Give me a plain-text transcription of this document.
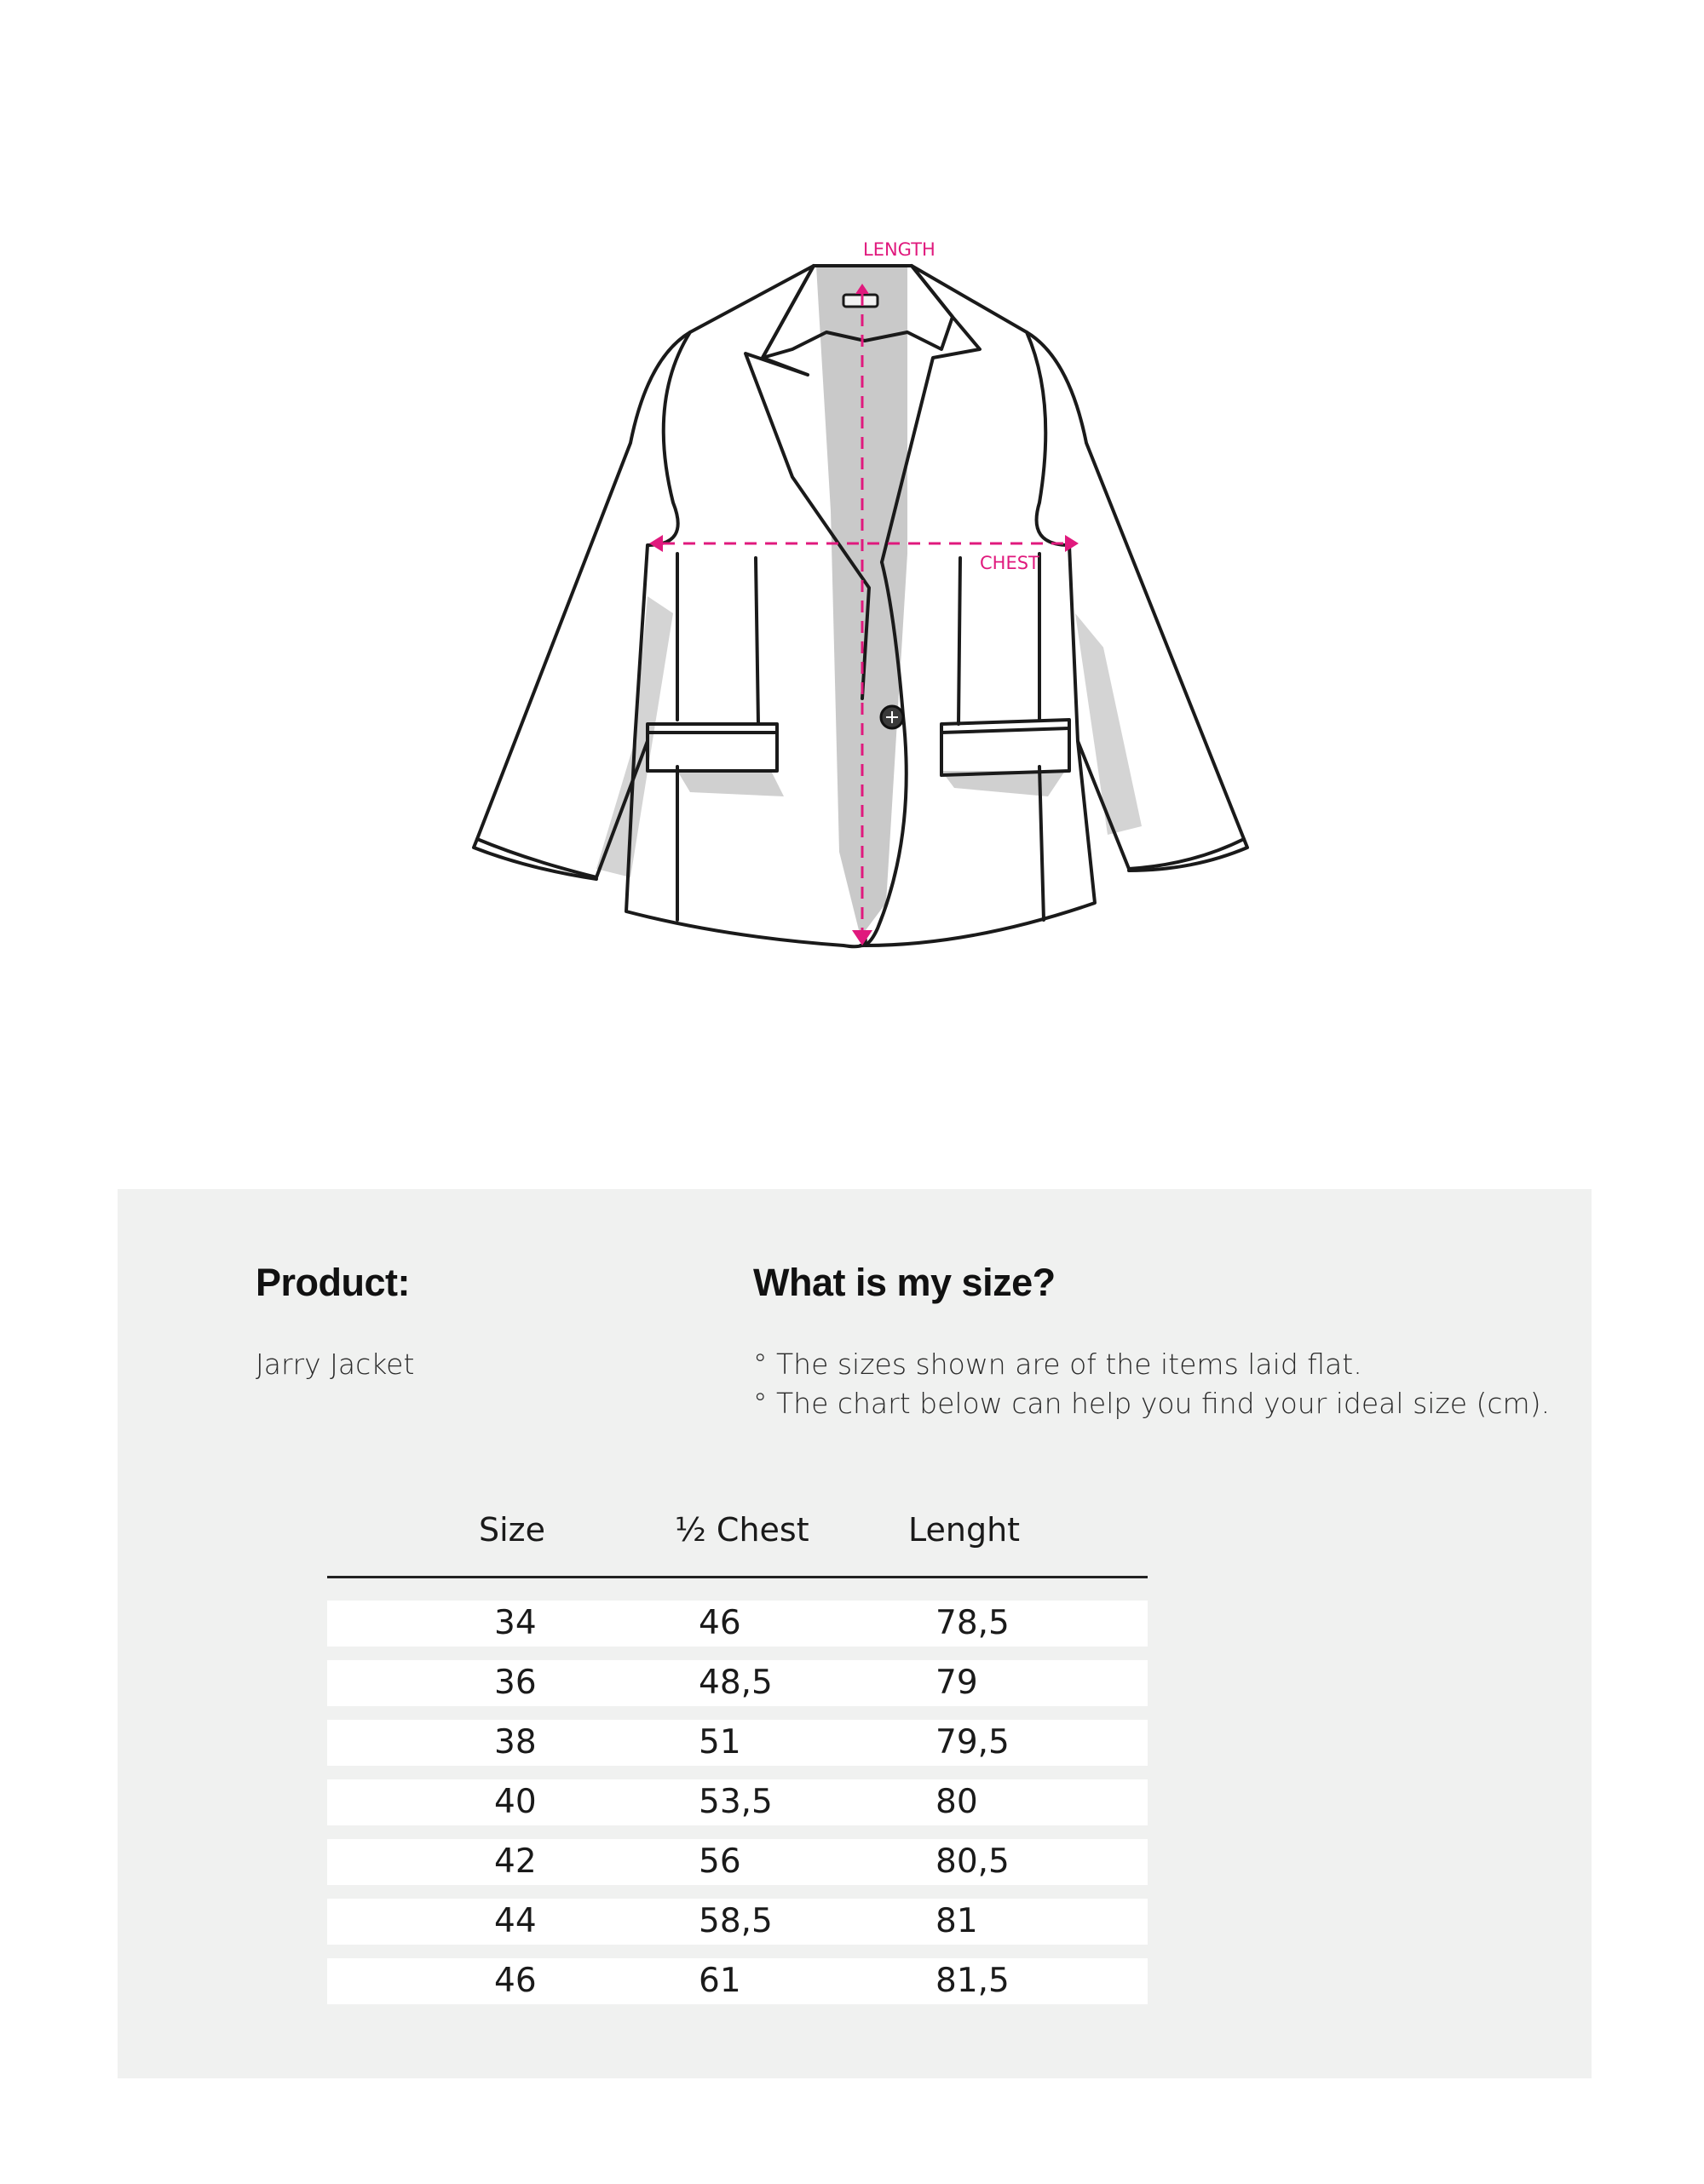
LENGTH
CHEST
Product:

Jarry Jacket

What is my size?

° The sizes shown are of the items laid flat.

° The chart below can help you find your ideal size (cm).

Size	½ Chest	Lenght
34	46	78,5
36	48,5	79
38	51	79,5
40	53,5	80
42	56	80,5
44	58,5	81
46	61	81,5
